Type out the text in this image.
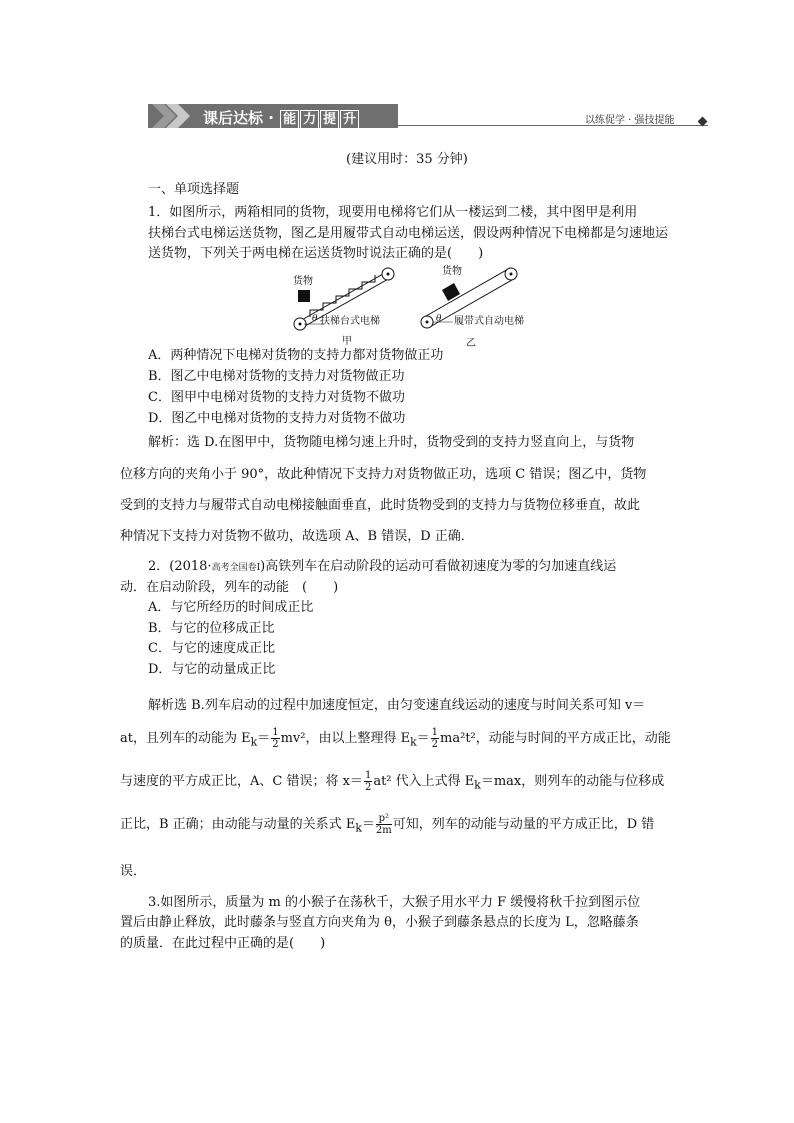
课后达标 · 能 力 提 升	以练促学 · 强技提能
(建议用时：35 分钟)
一、单项选择题
1．如图所示，两箱相同的货物，现要用电梯将它们从一楼运到二楼，其中图甲是利用
扶梯台式电梯运送货物，图乙是用履带式自动电梯运送，假设两种情况下电梯都是匀速地运
送货物，下列关于两电梯在运送货物时说法正确的是(　　)
货物
θ 扶梯台式电梯
甲
货物
θ 履带式自动电梯
乙
A．两种情况下电梯对货物的支持力都对货物做正功
B．图乙中电梯对货物的支持力对货物做正功
C．图甲中电梯对货物的支持力对货物不做功
D．图乙中电梯对货物的支持力对货物不做功
解析：选 D.在图甲中，货物随电梯匀速上升时，货物受到的支持力竖直向上，与货物
位移方向的夹角小于 90°，故此种情况下支持力对货物做正功，选项 C 错误；图乙中，货物
受到的支持力与履带式自动电梯接触面垂直，此时货物受到的支持力与货物位移垂直，故此
种情况下支持力对货物不做功，故选项 A、B 错误，D 正确．
2．(2018·高考全国卷Ⅰ)高铁列车在启动阶段的运动可看做初速度为零的匀加速直线运
动．在启动阶段，列车的动能　(　　)
A．与它所经历的时间成正比
B．与它的位移成正比
C．与它的速度成正比
D．与它的动量成正比
解析选 B.列车启动的过程中加速度恒定，由匀变速直线运动的速度与时间关系可知 v＝
at，且列车的动能为 $E_k= \frac{1}{2} mv^2$，由以上整理得 $E_k= \frac{1}{2} ma^2t^2$，动能与时间的平方成正比，动能
与速度的平方成正比，A、C 错误；将 $x= \frac{1}{2} at^2$ 代入上式得 $E_k=\max$，则列车的动能与位移成
正比，B 正确；由动能与动量的关系式 $E_k= \frac{\text{p²}}{2m}$ 可知，列车的动能与动量的平方成正比，D 错
误．
3.如图所示，质量为 m 的小猴子在荡秋千，大猴子用水平力 F 缓慢将秋千拉到图示位
置后由静止释放，此时藤条与竖直方向夹角为 θ，小猴子到藤条悬点的长度为 L，忽略藤条
的质量．在此过程中正确的是(　　)
